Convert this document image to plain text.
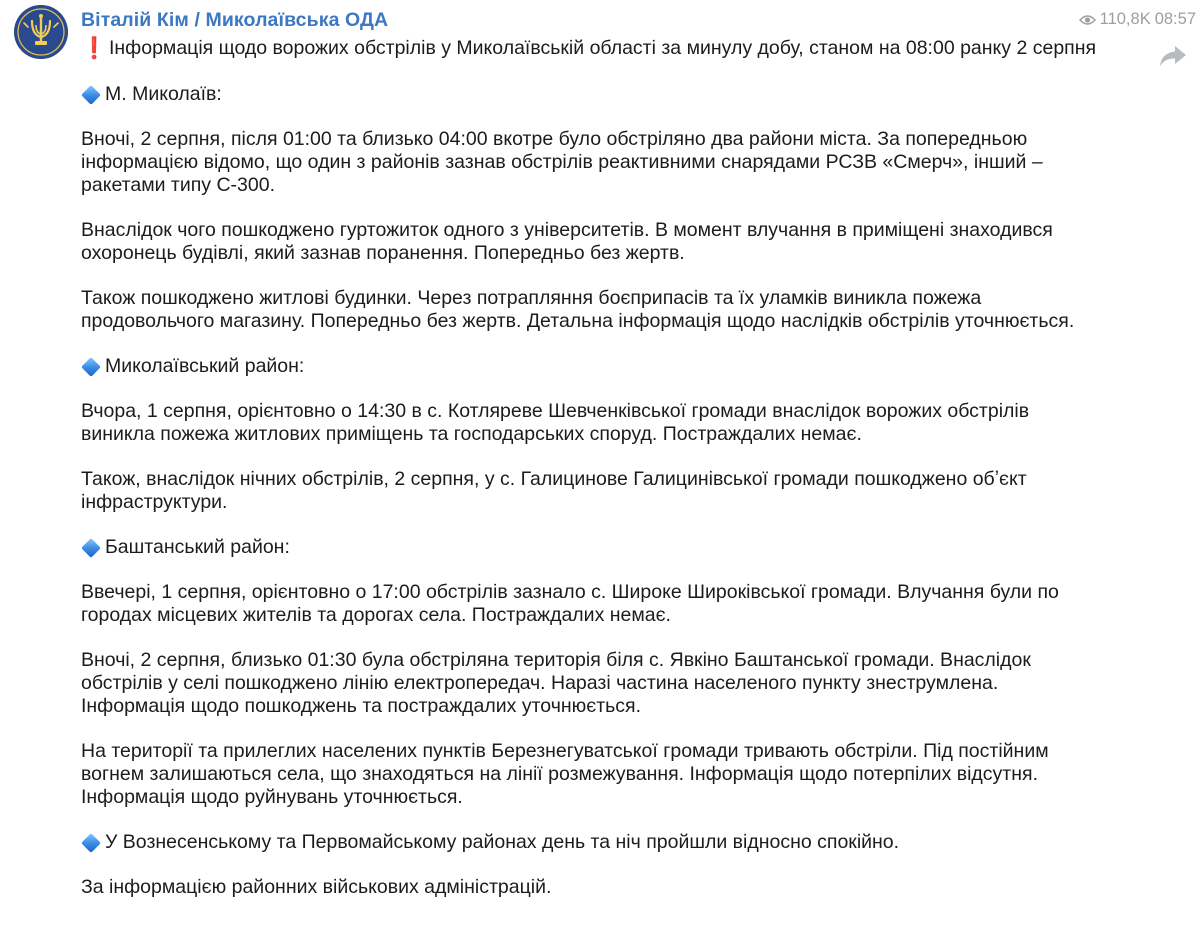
Віталій Кім / Миколаївська ОДА	110,8K 08:57
❗ Інформація щодо ворожих обстрілів у Миколаївській області за минулу добу, станом на 08:00 ранку 2 серпня
М. Миколаїв:
Вночі, 2 серпня, після 01:00 та близько 04:00 вкотре було обстріляно два райони міста. За попередньою
інформацією відомо, що один з районів зазнав обстрілів реактивними снарядами РСЗВ «Смерч», інший –
ракетами типу С-300.
Внаслідок чого пошкоджено гуртожиток одного з університетів. В момент влучання в приміщені знаходився
охоронець будівлі, який зазнав поранення. Попередньо без жертв.
Також пошкоджено житлові будинки. Через потрапляння боєприпасів та їх уламків виникла пожежа
продовольчого магазину. Попередньо без жертв. Детальна інформація щодо наслідків обстрілів уточнюється.
Миколаївський район:
Вчора, 1 серпня, орієнтовно о 14:30 в с. Котляреве Шевченківської громади внаслідок ворожих обстрілів
виникла пожежа житлових приміщень та господарських споруд. Постраждалих немає.
Також, внаслідок нічних обстрілів, 2 серпня, у с. Галицинове Галицинівської громади пошкоджено обʼєкт
інфраструктури.
Баштанський район:
Ввечері, 1 серпня, орієнтовно о 17:00 обстрілів зазнало с. Широке Широківської громади. Влучання були по
городах місцевих жителів та дорогах села. Постраждалих немає.
Вночі, 2 серпня, близько 01:30 була обстріляна територія біля с. Явкіно Баштанської громади. Внаслідок
обстрілів у селі пошкоджено лінію електропередач. Наразі частина населеного пункту знеструмлена.
Інформація щодо пошкоджень та постраждалих уточнюється.
На території та прилеглих населених пунктів Березнегуватської громади тривають обстріли. Під постійним
вогнем залишаються села, що знаходяться на лінії розмежування. Інформація щодо потерпілих відсутня.
Інформація щодо руйнувань уточнюється.
У Вознесенському та Первомайському районах день та ніч пройшли відносно спокійно.
За інформацією районних військових адміністрацій.
